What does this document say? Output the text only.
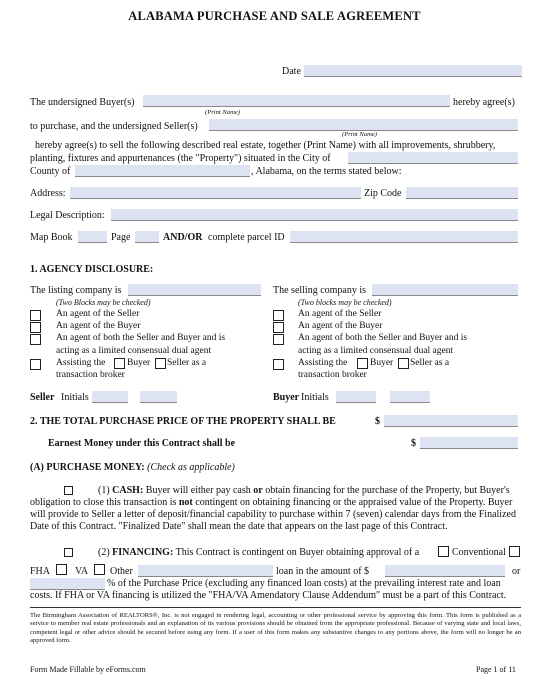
ALABAMA PURCHASE AND SALE AGREEMENT
Date
The undersigned Buyer(s)	hereby agree(s)
(Print Name)
to purchase, and the undersigned Seller(s)
(Print Name)
hereby agree(s) to sell the following described real estate, together (Print Name) with all improvements, shrubbery,
planting, fixtures and appurtenances (the "Property") situated in the City of
County of	, Alabama, on the terms stated below:
Address:	Zip Code
Legal Description:
Map Book	Page	AND/OR complete parcel ID
1. AGENCY DISCLOSURE:
The listing company is
(Two Blocks may be checked)
An agent of the Seller
An agent of the Buyer
An agent of both the Seller and Buyer and is
acting as a limited consensual dual agent
Assisting the Buyer Seller as a
transaction broker
The selling company is
(Two blocks may be checked)
An agent of the Seller
An agent of the Buyer
An agent of both the Seller and Buyer and is
acting as a limited consensual dual agent
Assisting the Buyer Seller as a
transaction broker
Seller Initials	Buyer Initials
2. THE TOTAL PURCHASE PRICE OF THE PROPERTY SHALL BE	$
Earnest Money under this Contract shall be	$
(A) PURCHASE MONEY: (Check as applicable)
(1) CASH: Buyer will either pay cash or obtain financing for the purchase of the Property, but Buyer's
obligation to close this transaction is not contingent on obtaining financing or the appraised value of the Property. Buyer
will provide to Seller a letter of deposit/financial capability to purchase within 7 (seven) calendar days from the Finalized
Date of this Contract. "Finalized Date" shall mean the date that appears on the last page of this Contract.
(2) FINANCING: This Contract is contingent on Buyer obtaining approval of a	Conventional
FHA VA Other	loan in the amount of $	or
% of the Purchase Price (excluding any financed loan costs) at the prevailing interest rate and loan
costs. If FHA or VA financing is utilized the "FHA/VA Amendatory Clause Addendum" must be a part of this Contract.
The Birmingham Association of REALTORS®, Inc. is not engaged in rendering legal, accounting or other professional service by approving this form. This form is published as a service to member real estate professionals and an explanation of its various provisions should be obtained from the appropriate professional. Because of varying state and local laws, competent legal or other advice should be secured before using any form. If a user of this form makes any substantive changes to any portions above, the form will no longer be an approved form.
Form Made Fillable by eForms.com	Page 1 of 11
